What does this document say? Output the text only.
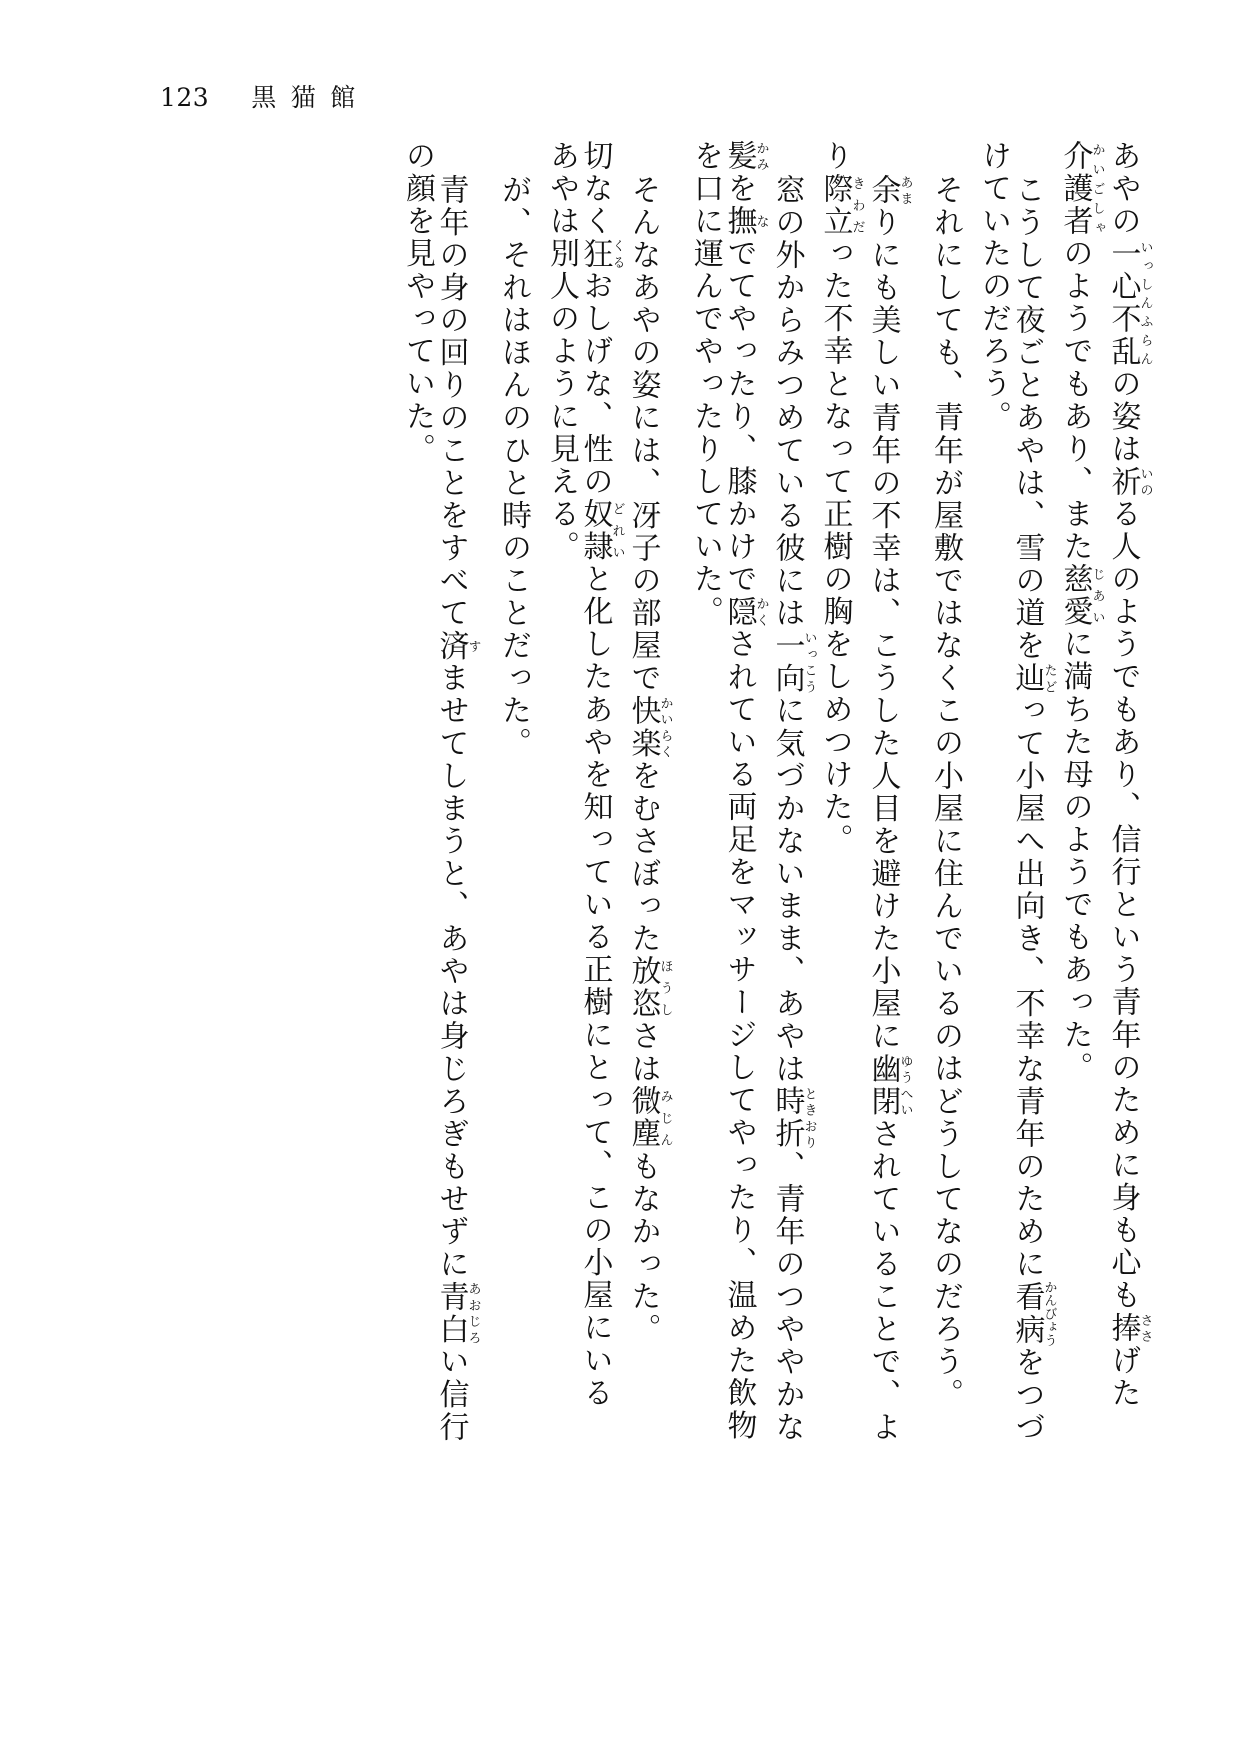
123 黒猫館
あやの一心不乱いっしんふらんの姿は祈いのる人のようでもあり、信行という青年のために身も心も捧ささげた
介護者かいごしゃのようでもあり、また慈愛じあいに満ちた母のようでもあった。
こうして夜ごとあやは、雪の道を辿たどって小屋へ出向き、不幸な青年のために看病かんびょうをつづ
けていたのだろう。
それにしても、青年が屋敷ではなくこの小屋に住んでいるのはどうしてなのだろう。
余あまりにも美しい青年の不幸は、こうした人目を避けた小屋に幽閉ゆうへいされていることで、よ
り際立きわだった不幸となって正樹の胸をしめつけた。
窓の外からみつめている彼には一向いっこうに気づかないまま、あやは時折ときおり、青年のつややかな
髪かみを撫なでてやったり、膝かけで隠かくされている両足をマッサージしてやったり、温めた飲物
を口に運んでやったりしていた。
そんなあやの姿には、冴子の部屋で快楽かいらくをむさぼった放恣ほうしさは微塵みじんもなかった。
切なく狂くるおしげな、性の奴隷どれいと化したあやを知っている正樹にとって、この小屋にいる
あやは別人のように見える。
が、それはほんのひと時のことだった。
青年の身の回りのことをすべて済すませてしまうと、あやは身じろぎもせずに青白あおじろい信行
の顔を見やっていた。
